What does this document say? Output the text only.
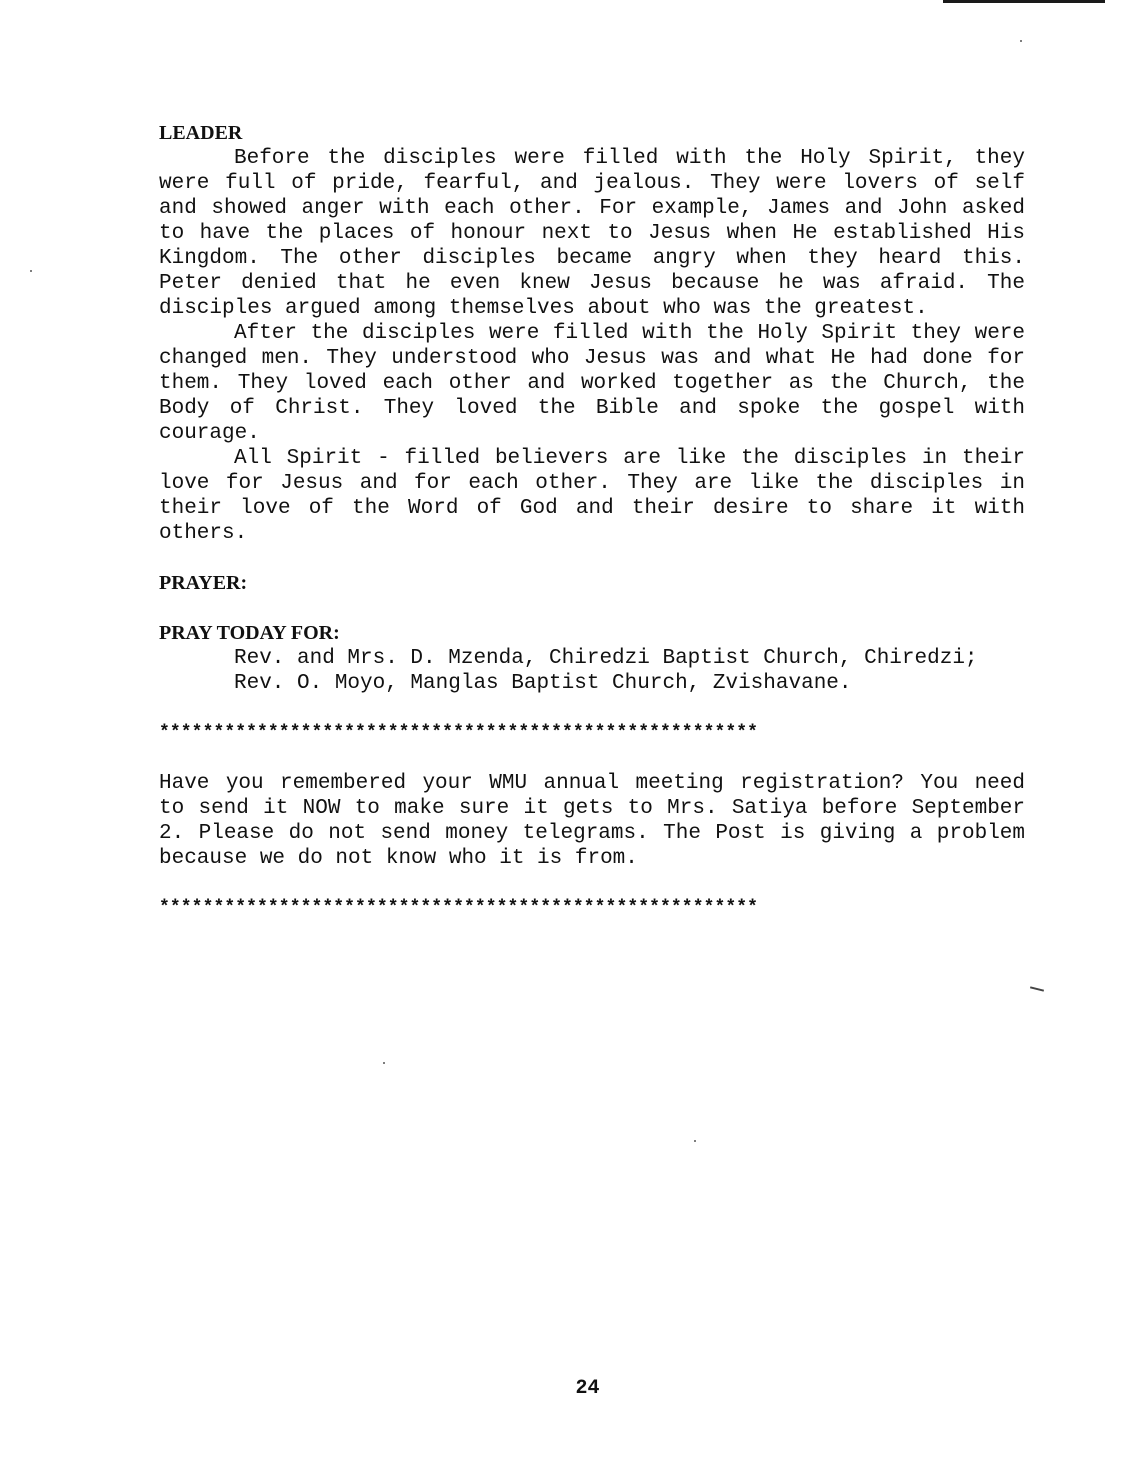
LEADER

Before the disciples were filled with the Holy Spirit, they were full of pride, fearful, and jealous. They were lovers of self and showed anger with each other. For example, James and John asked to have the places of honour next to Jesus when He established His Kingdom. The other disciples became angry when they heard this. Peter denied that he even knew Jesus because he was afraid. The disciples argued among themselves about who was the greatest.

After the disciples were filled with the Holy Spirit they were changed men. They understood who Jesus was and what He had done for them. They loved each other and worked together as the Church, the Body of Christ. They loved the Bible and spoke the gospel with courage.

All Spirit - filled believers are like the disciples in their love for Jesus and for each other. They are like the disciples in their love of the Word of God and their desire to share it with others.

PRAYER:
PRAY TODAY FOR:

Rev. and Mrs. D. Mzenda, Chiredzi Baptist Church, Chiredzi;

Rev. O. Moyo, Manglas Baptist Church, Zvishavane.

*******************************************************

Have you remembered your WMU annual meeting registration? You need to send it NOW to make sure it gets to Mrs. Satiya before September 2. Please do not send money telegrams. The Post is giving a problem because we do not know who it is from.

*******************************************************
24
